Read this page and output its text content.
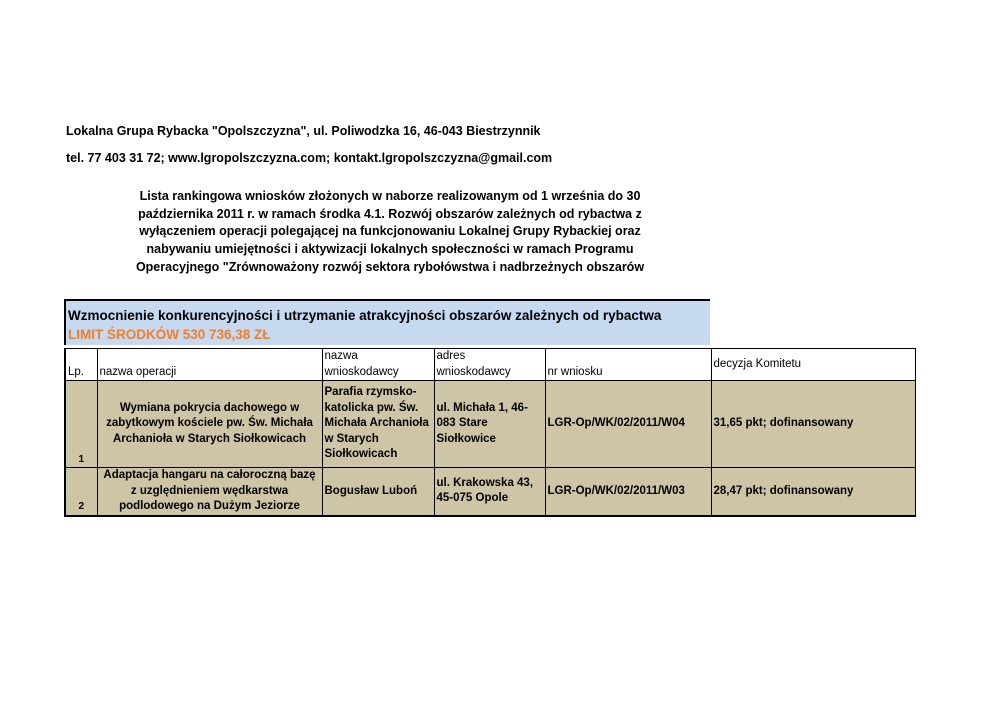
Lokalna Grupa Rybacka "Opolszczyzna", ul. Poliwodzka 16, 46-043 Biestrzynnik
tel. 77 403 31 72; www.lgropolszczyzna.com; kontakt.lgropolszczyzna@gmail.com
Lista rankingowa wniosków złożonych w naborze realizowanym od 1 września do 30
października 2011 r. w ramach środka 4.1. Rozwój obszarów zależnych od rybactwa z
wyłączeniem operacji polegającej na funkcjonowaniu Lokalnej Grupy Rybackiej oraz
nabywaniu umiejętności i aktywizacji lokalnych społeczności w ramach Programu
Operacyjnego "Zrównoważony rozwój sektora rybołówstwa i nadbrzeżnych obszarów
Wzmocnienie konkurencyjności i utrzymanie atrakcyjności obszarów zależnych od rybactwa
LIMIT ŚRODKÓW 530 736,38 ZŁ
Lp.	nazwa operacji	nazwa wnioskodawcy	adres wnioskodawcy	nr wniosku	decyzja Komitetu
1	Wymiana pokrycia dachowego w zabytkowym kościele pw. Św. Michała Archanioła w Starych Siołkowicach	Parafia rzymsko-katolicka pw. Św. Michała Archanioła w Starych Siołkowicach	ul. Michała 1, 46-083 Stare Siołkowice	LGR-Op/WK/02/2011/W04	31,65 pkt; dofinansowany
2	Adaptacja hangaru na całoroczną bazę z uzględnieniem wędkarstwa podlodowego na Dużym Jeziorze	Bogusław Luboń	ul. Krakowska 43, 45-075 Opole	LGR-Op/WK/02/2011/W03	28,47 pkt; dofinansowany
